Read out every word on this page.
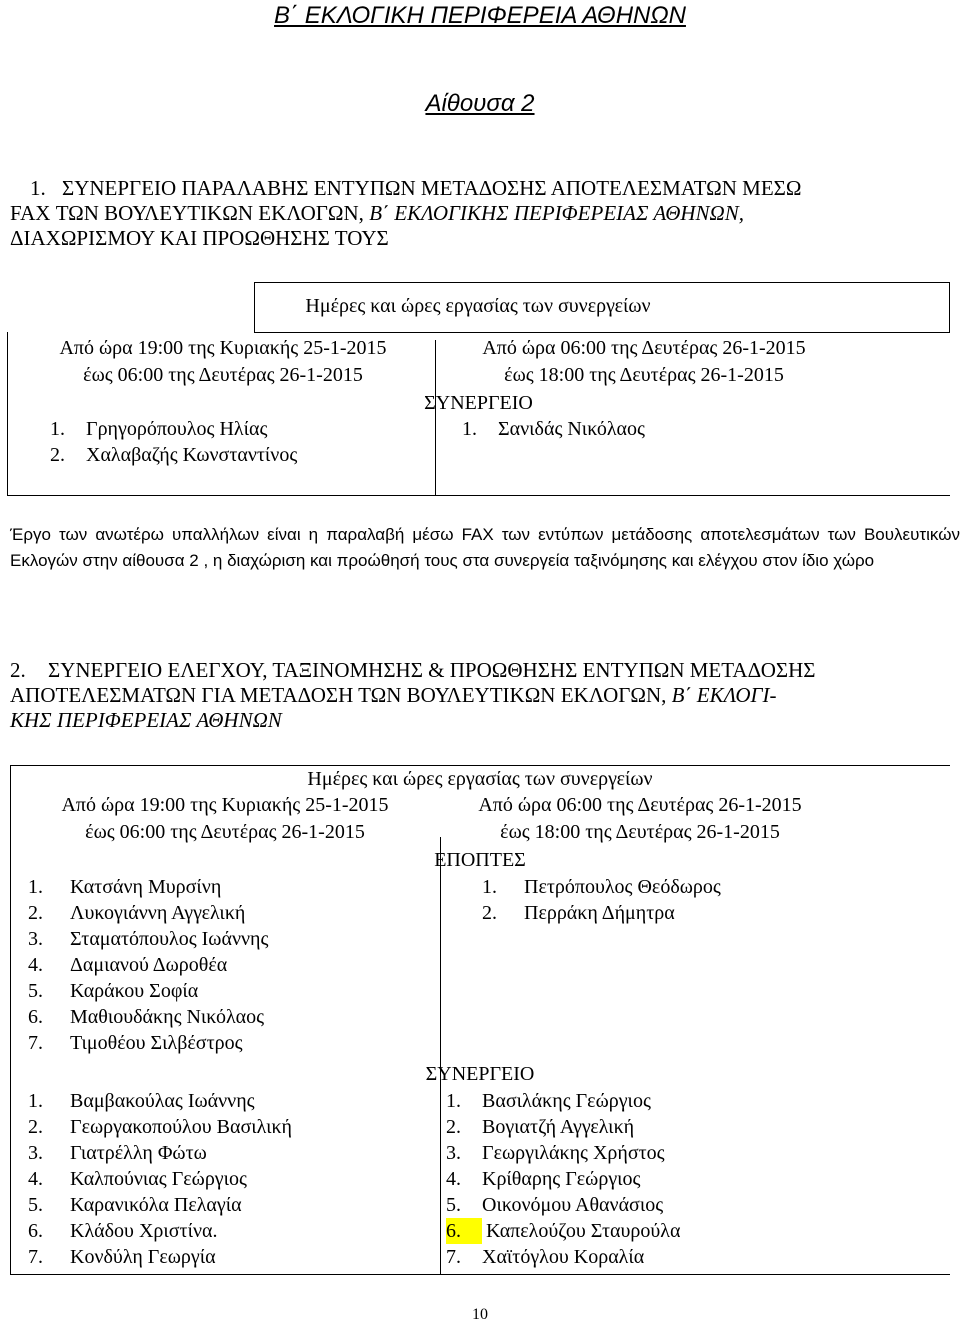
Β΄ ΕΚΛΟΓΙΚΗ ΠΕΡΙΦΕΡΕΙΑ ΑΘΗΝΩΝ
Αίθουσα 2
1. ΣΥΝΕΡΓΕΙΟ ΠΑΡΑΛΑΒΗΣ ΕΝΤΥΠΩΝ ΜΕΤΑΔΟΣΗΣ ΑΠΟΤΕΛΕΣΜΑΤΩΝ ΜΕΣΩ
FAX ΤΩΝ ΒΟΥΛΕΥΤΙΚΩΝ ΕΚΛΟΓΩΝ, Β΄ ΕΚΛΟΓΙΚΗΣ ΠΕΡΙΦΕΡΕΙΑΣ ΑΘΗΝΩΝ,
ΔΙΑΧΩΡΙΣΜΟΥ ΚΑΙ ΠΡΟΩΘΗΣΗΣ ΤΟΥΣ
Ημέρες και ώρες εργασίας των συνεργείων
Από ώρα 19:00 της Κυριακής 25-1-2015
έως 06:00 της Δευτέρας 26-1-2015
Από ώρα 06:00 της Δευτέρας 26-1-2015
έως 18:00 της Δευτέρας 26-1-2015
ΣΥΝΕΡΓΕΙΟ
1. Γρηγορόπουλος Ηλίας
2. Χαλαβαζής Κωνσταντίνος
1. Σανιδάς Νικόλαος
Έργο των ανωτέρω υπαλλήλων είναι η παραλαβή μέσω FAX των εντύπων μετάδοσης αποτελεσμάτων των Βουλευτικών Εκλογών στην αίθουσα 2 , η διαχώριση και προώθησή τους στα συνεργεία ταξινόμησης και ελέγχου στον ίδιο χώρο
2. ΣΥΝΕΡΓΕΙΟ ΕΛΕΓΧΟΥ, ΤΑΞΙΝΟΜΗΣΗΣ & ΠΡΟΩΘΗΣΗΣ ΕΝΤΥΠΩΝ ΜΕΤΑΔΟΣΗΣ
ΑΠΟΤΕΛΕΣΜΑΤΩΝ ΓΙΑ ΜΕΤΑΔΟΣΗ ΤΩΝ ΒΟΥΛΕΥΤΙΚΩΝ ΕΚΛΟΓΩΝ, Β΄ ΕΚΛΟΓΙ-
ΚΗΣ ΠΕΡΙΦΕΡΕΙΑΣ ΑΘΗΝΩΝ
Ημέρες και ώρες εργασίας των συνεργείων
Από ώρα 19:00 της Κυριακής 25-1-2015
έως 06:00 της Δευτέρας 26-1-2015
Από ώρα 06:00 της Δευτέρας 26-1-2015
έως 18:00 της Δευτέρας 26-1-2015
ΕΠΟΠΤΕΣ
1. Κατσάνη Μυρσίνη
2. Λυκογιάννη Αγγελική
3. Σταματόπουλος Ιωάννης
4. Δαμιανού Δωροθέα
5. Καράκου Σοφία
6. Μαθιουδάκης Νικόλαος
7. Τιμοθέου Σιλβέστρος
1. Πετρόπουλος Θεόδωρος
2. Περράκη Δήμητρα
ΣΥΝΕΡΓΕΙΟ
1. Βαμβακούλας Ιωάννης
2. Γεωργακοπούλου Βασιλική
3. Γιατρέλλη Φώτω
4. Καλπούνιας Γεώργιος
5. Καρανικόλα Πελαγία
6. Κλάδου Χριστίνα.
7. Κονδύλη Γεωργία
1. Βασιλάκης Γεώργιος
2. Βογιατζή Αγγελική
3. Γεωργιλάκης Χρήστος
4. Κρίθαρης Γεώργιος
5. Οικονόμου Αθανάσιος
6. Καπελούζου Σταυρούλα
7. Χαϊτόγλου Κοραλία
10
